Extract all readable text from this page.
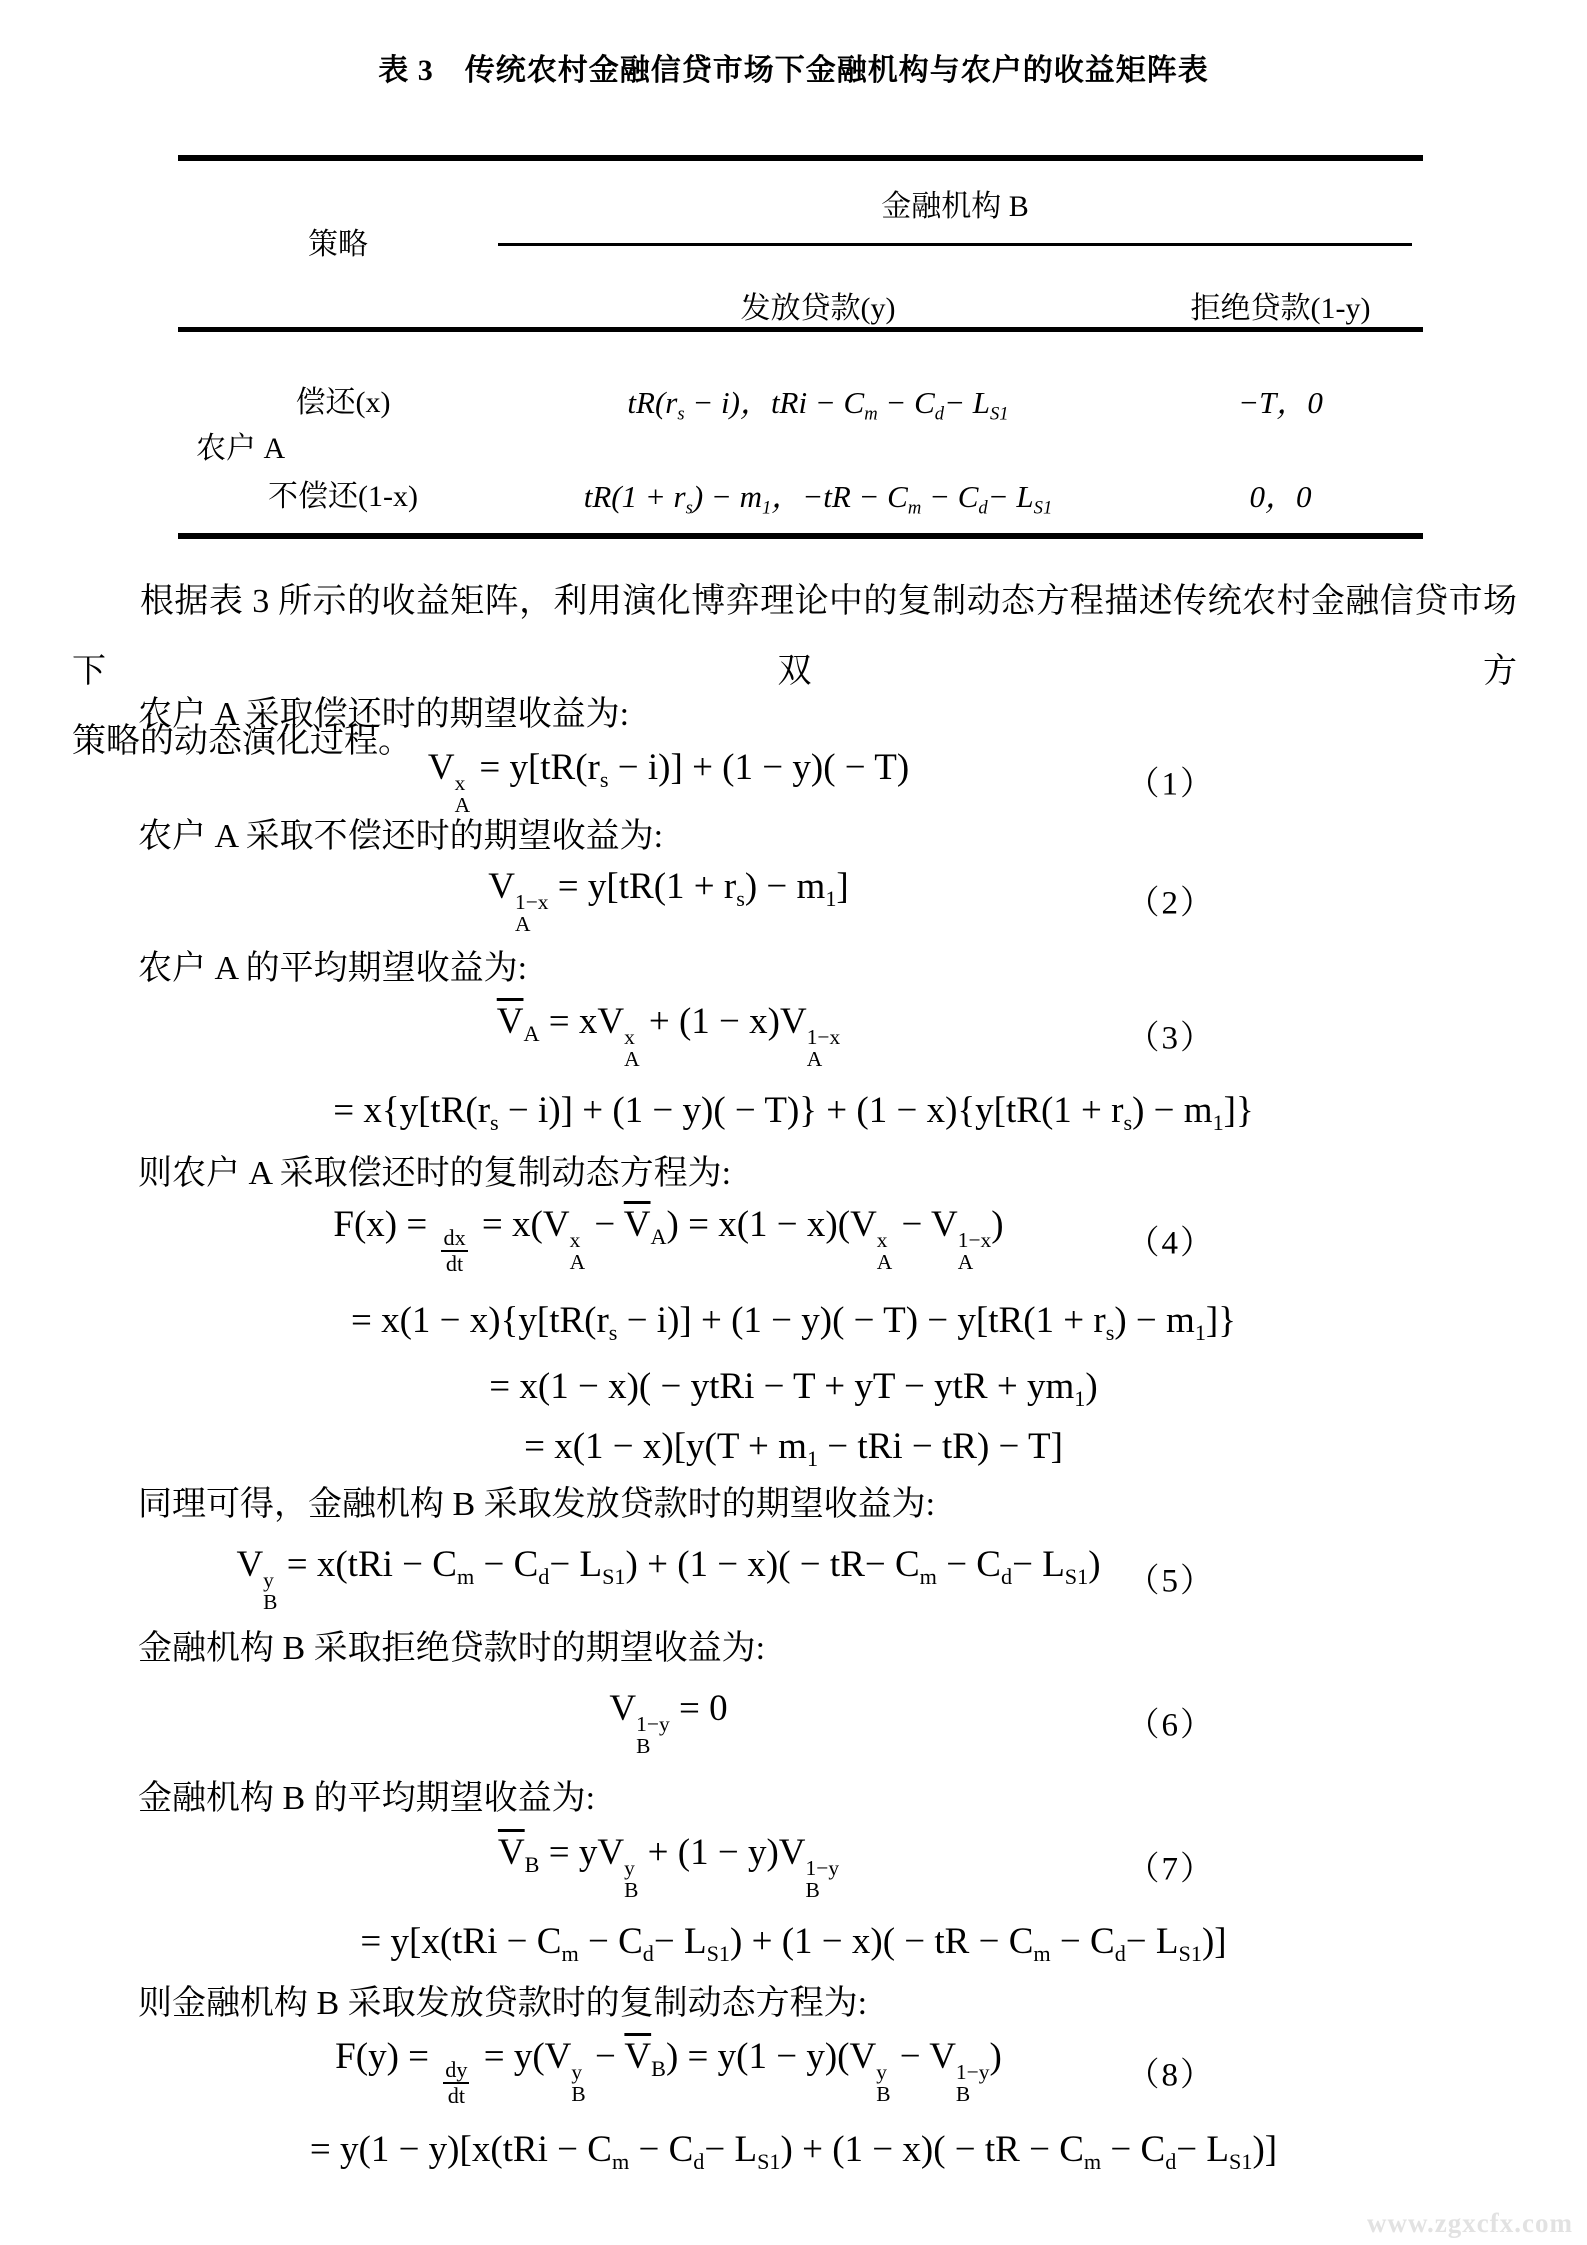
表 3　传统农村金融信贷市场下金融机构与农户的收益矩阵表
金融机构 B
策略
发放贷款(y)	拒绝贷款(1-y)
偿还(x)	$tR(r_s - i)$，tRi − $C_m - C_d- L_{S1}$	−T，0
农户 A
不偿还(1-x)	$tR(1 + r_s) - m_1$，$-tR - C_m - C_d- L_{S1}$	0，0
根据表 3 所示的收益矩阵，利用演化博弈理论中的复制动态方程描述传统农村金融信贷市场下双方
策略的动态演化过程。
农户 A 采取偿还时的期望收益为:
农户 A 采取不偿还时的期望收益为:
农户 A 的平均期望收益为:
则农户 A 采取偿还时的复制动态方程为:
同理可得，金融机构 B 采取发放贷款时的期望收益为:
金融机构 B 采取拒绝贷款时的期望收益为:
金融机构 B 的平均期望收益为:
则金融机构 B 采取发放贷款时的复制动态方程为:
V x
A
= $y[tR(r_s - i)] + (1 - y)( - T)$	（1）
V 1−x
A
= $y[tR(1 + r_s) - m_1]$	（2）
$\overline{V}_A$ = xV x
A
+ (1 − x)V 1−x
A
（3）
= $x\{y[tR(r_s - i)] + (1 - y)( - T)\} + (1 - x)\{y[tR(1 + r_s) - m_1]\}$
F(x) =
$\frac{dx}{dt}$
= x(V x
A
− $\overline{V}_A) = x(1 - x)(V$ x
A
− V 1−x
A
)	（4）
= $x(1 - x)\{y[tR(r_s - i)] + (1 - y)( - T) - y[tR(1 + r_s) - m_1]\}$
= x(1 − x)( − ytRi − T + yT − ytR + $ym_1$)
= $x(1 - x)[y(T + m_1$ − tRi − tR) − T]
V y
B
= $x(tRi - C_m - C_d- L_{S1}) + (1 - x)( - tR- C_m - C_d- L_{S1})$ （5）
V 1−y
B
= 0	（6）
$\overline{V}_B$ = yV y
B
+ (1 − y)V 1−y
B
（7）
= $y[x(tRi - C_m - C_d- L_{S1}) + (1 - x)$( − tR − $C_m - C_d- L_{S1}$)]
F(y) =
$\frac{dy}{dt}$
= y(V y
B
− $\overline{V}_B) = y(1 - y)(V$ y
B
− V 1−y
B
)	（8）
= $y(1 - y)[x(tRi - C_m - C_d- L_{S1}) + (1 - x)$( − tR − $C_m - C_d- L_{S1}$)]
www.zgxcfx.com
